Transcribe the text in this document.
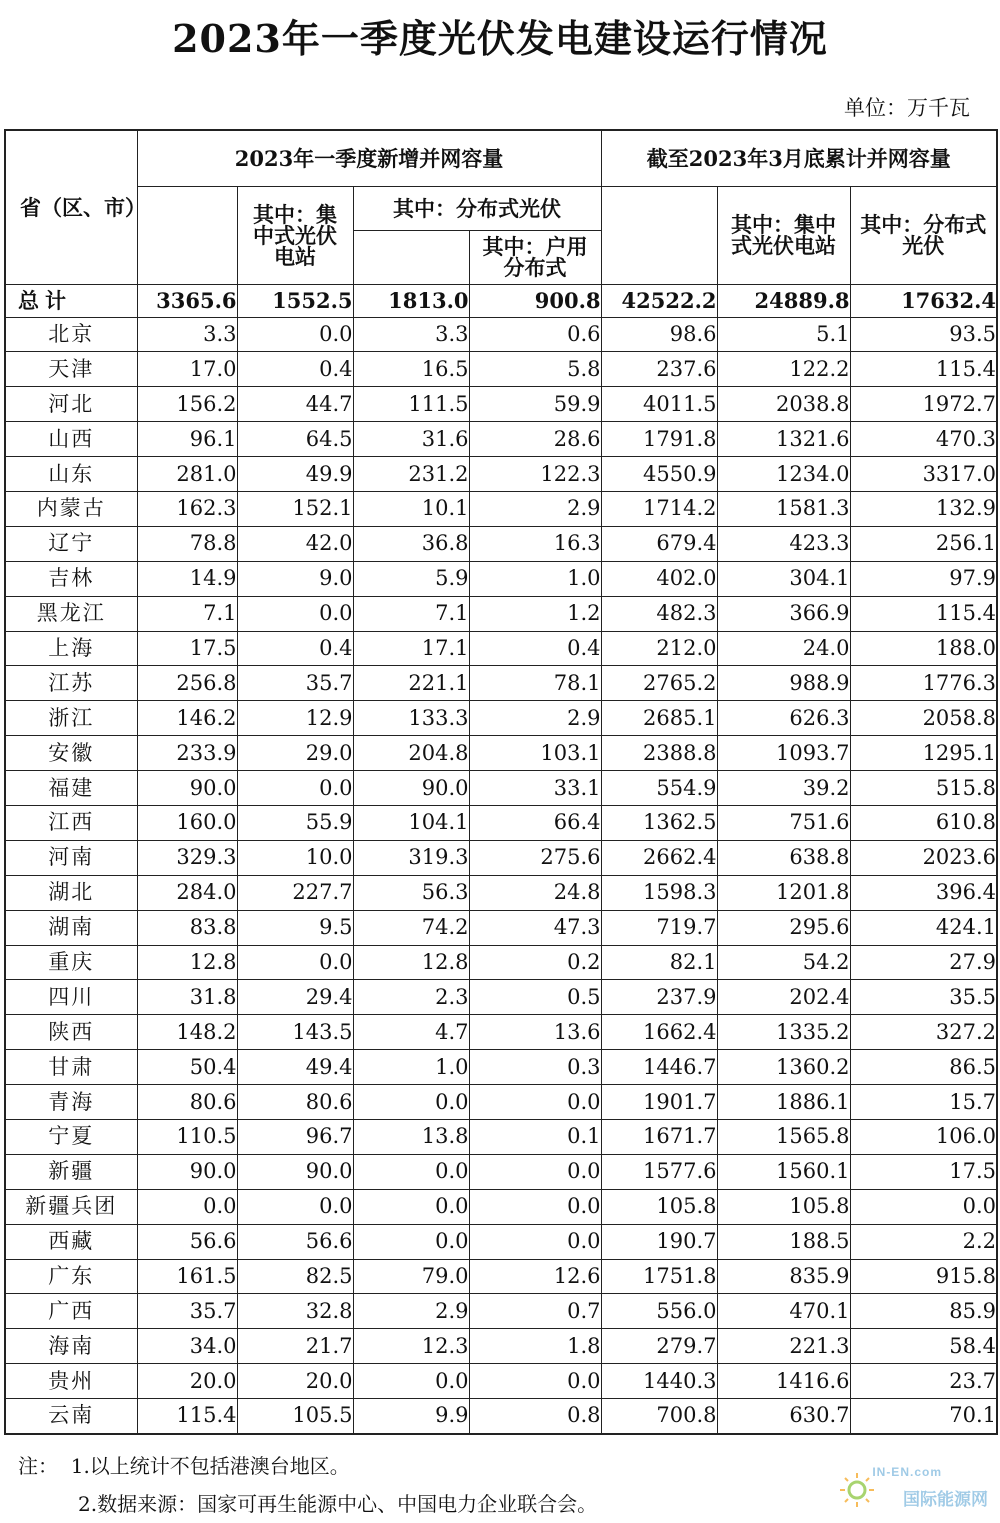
2023年一季度光伏发电建设运行情况
单位：万千瓦
省（区、市）	2023年一季度新增并网容量				截至2023年3月底累计并网容量		
		其中：集中式光伏电站	其中：分布式光伏			其中：集中式光伏电站	其中：分布式光伏
				其中：户用分布式			
总计	3365.6	1552.5	1813.0	900.8	42522.2	24889.8	17632.4
北京	3.3	0.0	3.3	0.6	98.6	5.1	93.5
天津	17.0	0.4	16.5	5.8	237.6	122.2	115.4
河北	156.2	44.7	111.5	59.9	4011.5	2038.8	1972.7
山西	96.1	64.5	31.6	28.6	1791.8	1321.6	470.3
山东	281.0	49.9	231.2	122.3	4550.9	1234.0	3317.0
内蒙古	162.3	152.1	10.1	2.9	1714.2	1581.3	132.9
辽宁	78.8	42.0	36.8	16.3	679.4	423.3	256.1
吉林	14.9	9.0	5.9	1.0	402.0	304.1	97.9
黑龙江	7.1	0.0	7.1	1.2	482.3	366.9	115.4
上海	17.5	0.4	17.1	0.4	212.0	24.0	188.0
江苏	256.8	35.7	221.1	78.1	2765.2	988.9	1776.3
浙江	146.2	12.9	133.3	2.9	2685.1	626.3	2058.8
安徽	233.9	29.0	204.8	103.1	2388.8	1093.7	1295.1
福建	90.0	0.0	90.0	33.1	554.9	39.2	515.8
江西	160.0	55.9	104.1	66.4	1362.5	751.6	610.8
河南	329.3	10.0	319.3	275.6	2662.4	638.8	2023.6
湖北	284.0	227.7	56.3	24.8	1598.3	1201.8	396.4
湖南	83.8	9.5	74.2	47.3	719.7	295.6	424.1
重庆	12.8	0.0	12.8	0.2	82.1	54.2	27.9
四川	31.8	29.4	2.3	0.5	237.9	202.4	35.5
陕西	148.2	143.5	4.7	13.6	1662.4	1335.2	327.2
甘肃	50.4	49.4	1.0	0.3	1446.7	1360.2	86.5
青海	80.6	80.6	0.0	0.0	1901.7	1886.1	15.7
宁夏	110.5	96.7	13.8	0.1	1671.7	1565.8	106.0
新疆	90.0	90.0	0.0	0.0	1577.6	1560.1	17.5
新疆兵团	0.0	0.0	0.0	0.0	105.8	105.8	0.0
西藏	56.6	56.6	0.0	0.0	190.7	188.5	2.2
广东	161.5	82.5	79.0	12.6	1751.8	835.9	915.8
广西	35.7	32.8	2.9	0.7	556.0	470.1	85.9
海南	34.0	21.7	12.3	1.8	279.7	221.3	58.4
贵州	20.0	20.0	0.0	0.0	1440.3	1416.6	23.7
云南	115.4	105.5	9.9	0.8	700.8	630.7	70.1
注： 1.以上统计不包括港澳台地区。
2.数据来源：国家可再生能源中心、中国电力企业联合会。
IN-EN.com
国际能源网
